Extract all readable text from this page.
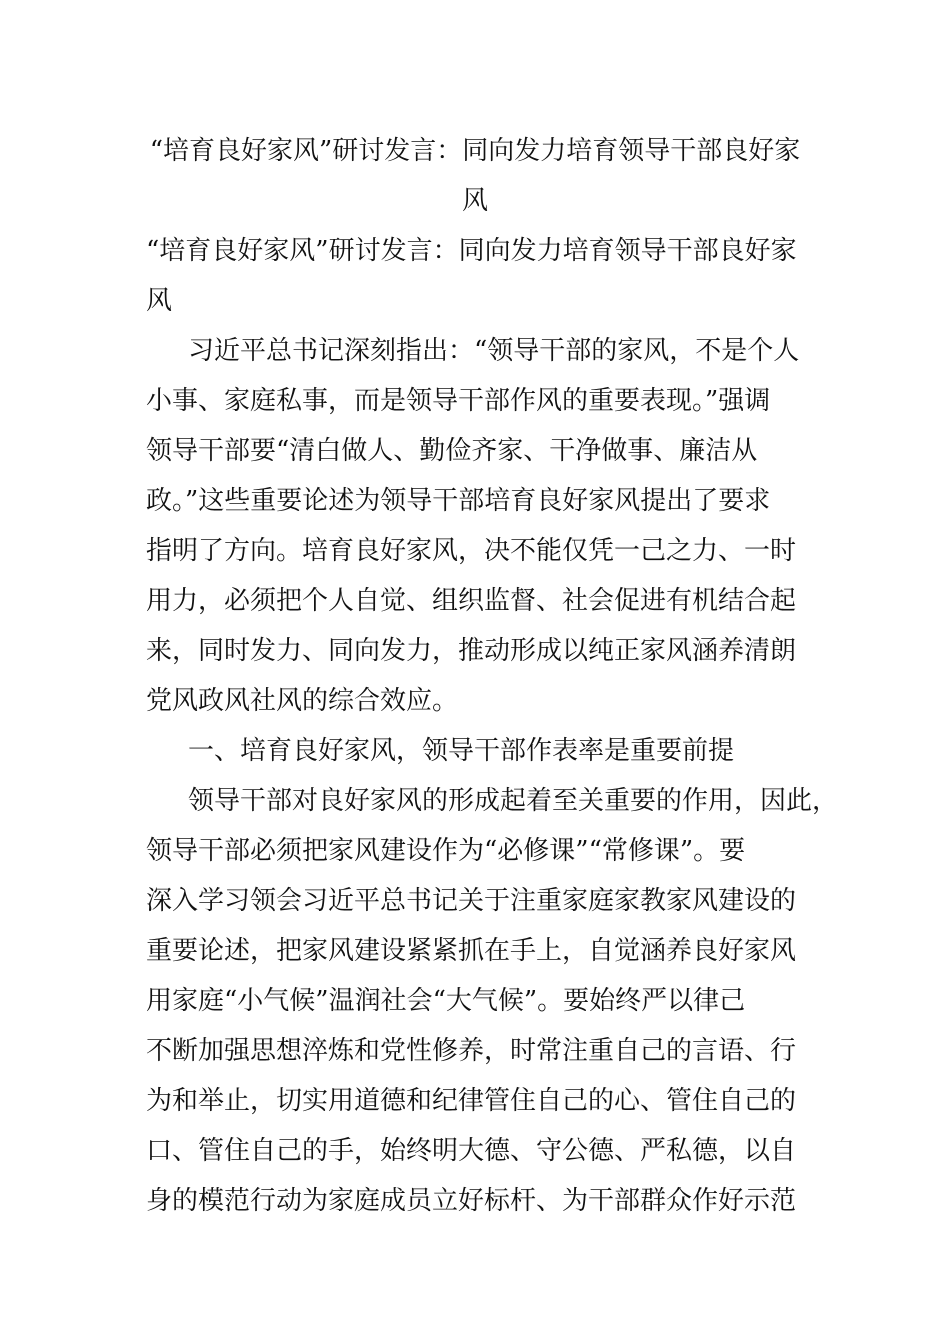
“培育良好家风”研讨发言：同向发力培育领导干部良好家
风
“培育良好家风”研讨发言：同向发力培育领导干部良好家
风
习近平总书记深刻指出：“领导干部的家风，不是个人
小事、家庭私事，而是领导干部作风的重要表现。”强调
领导干部要“清白做人、勤俭齐家、干净做事、廉洁从
政。”这些重要论述为领导干部培育良好家风提出了要求
指明了方向。培育良好家风，决不能仅凭一己之力、一时
用力，必须把个人自觉、组织监督、社会促进有机结合起
来，同时发力、同向发力，推动形成以纯正家风涵养清朗
党风政风社风的综合效应。
一、培育良好家风，领导干部作表率是重要前提
领导干部对良好家风的形成起着至关重要的作用，因此，
领导干部必须把家风建设作为“必修课”“常修课”。要
深入学习领会习近平总书记关于注重家庭家教家风建设的
重要论述，把家风建设紧紧抓在手上，自觉涵养良好家风
用家庭“小气候”温润社会“大气候”。要始终严以律己
不断加强思想淬炼和党性修养，时常注重自己的言语、行
为和举止，切实用道德和纪律管住自己的心、管住自己的
口、管住自己的手，始终明大德、守公德、严私德，以自
身的模范行动为家庭成员立好标杆、为干部群众作好示范
